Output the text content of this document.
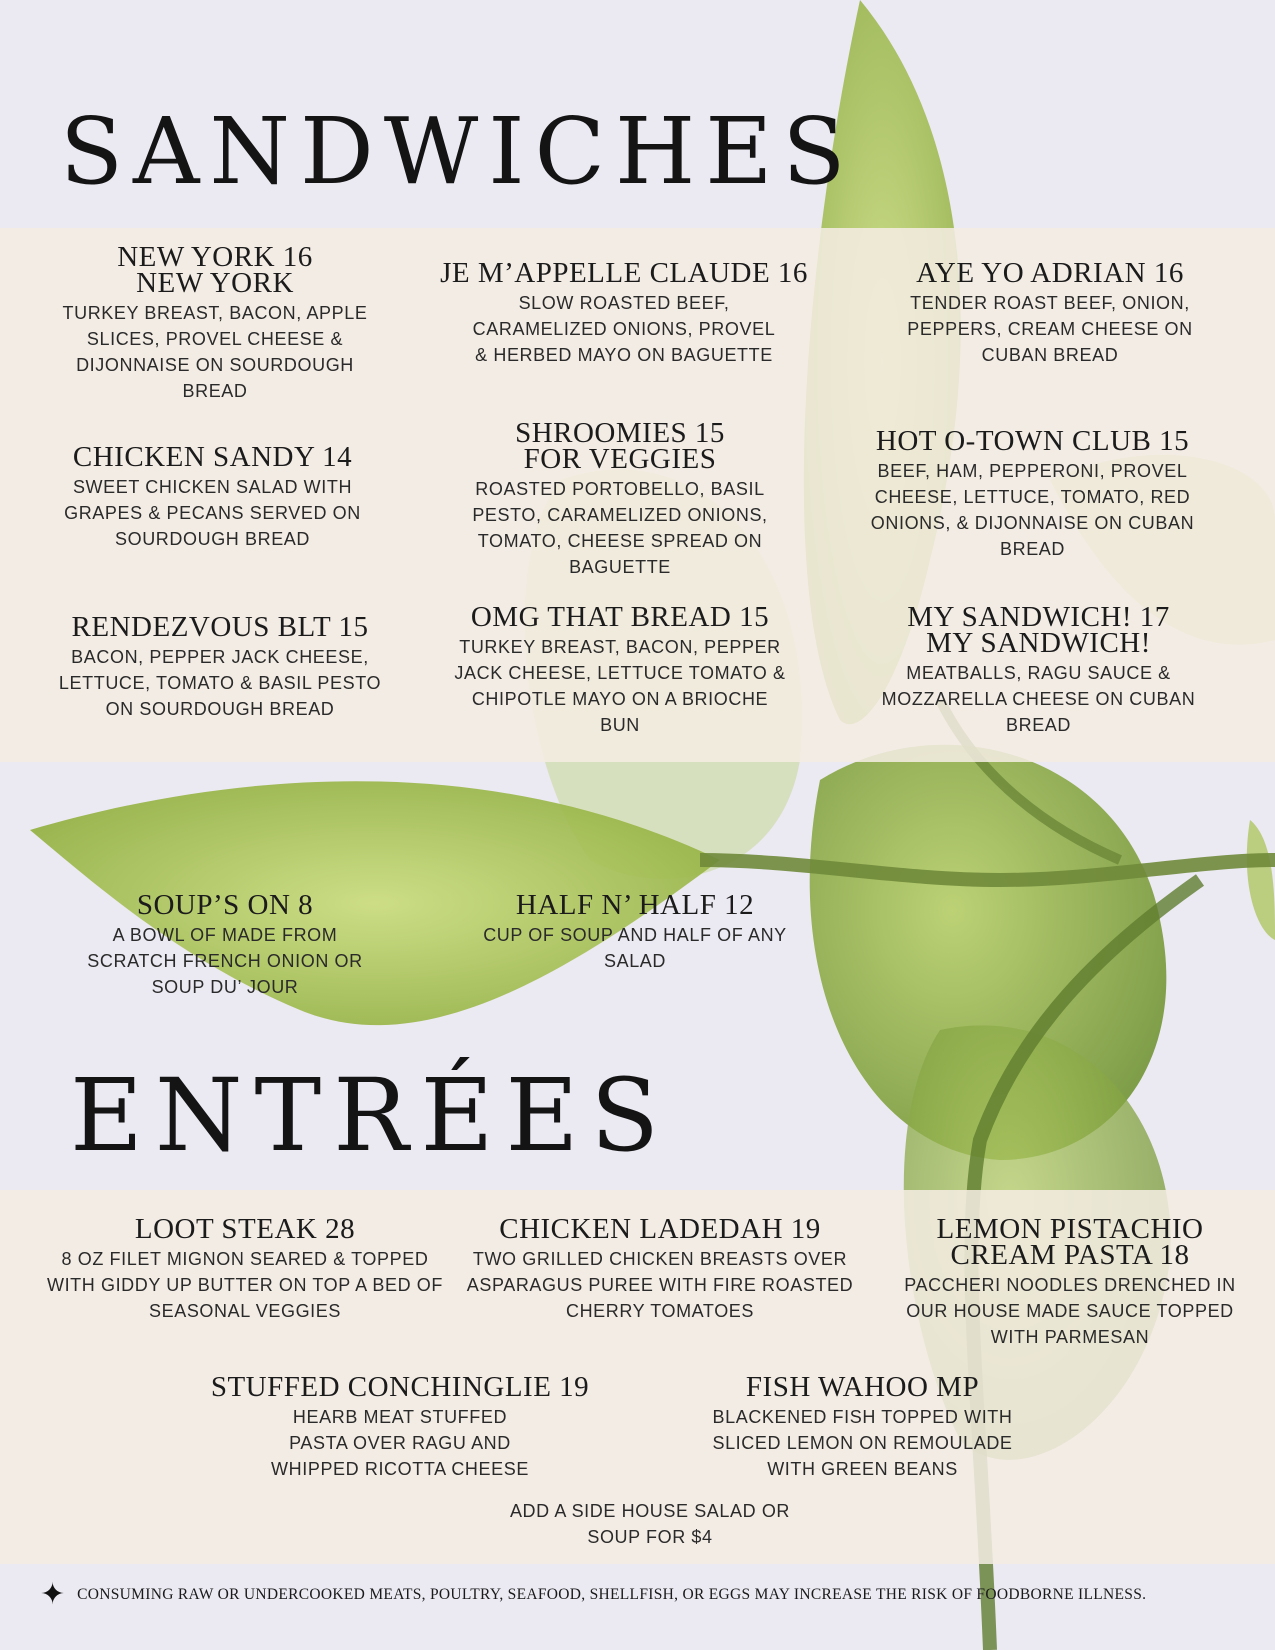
SANDWICHES
NEW YORK 16
NEW YORK

TURKEY BREAST, BACON, APPLE SLICES, PROVEL CHEESE & DIJONNAISE ON SOURDOUGH BREAD

JE M’APPELLE CLAUDE 16

SLOW ROASTED BEEF, CARAMELIZED ONIONS, PROVEL & HERBED MAYO ON BAGUETTE

AYE YO ADRIAN 16

TENDER ROAST BEEF, ONION, PEPPERS, CREAM CHEESE ON CUBAN BREAD

CHICKEN SANDY 14

SWEET CHICKEN SALAD WITH GRAPES & PECANS SERVED ON SOURDOUGH BREAD

SHROOMIES 15
FOR VEGGIES

ROASTED PORTOBELLO, BASIL PESTO, CARAMELIZED ONIONS, TOMATO, CHEESE SPREAD ON BAGUETTE

HOT O-TOWN CLUB 15

BEEF, HAM, PEPPERONI, PROVEL CHEESE, LETTUCE, TOMATO, RED ONIONS, & DIJONNAISE ON CUBAN BREAD

RENDEZVOUS BLT 15

BACON, PEPPER JACK CHEESE, LETTUCE, TOMATO & BASIL PESTO ON SOURDOUGH BREAD

OMG THAT BREAD 15

TURKEY BREAST, BACON, PEPPER JACK CHEESE, LETTUCE TOMATO & CHIPOTLE MAYO ON A BRIOCHE BUN

MY SANDWICH! 17
MY SANDWICH!

MEATBALLS, RAGU SAUCE & MOZZARELLA CHEESE ON CUBAN BREAD

SOUP’S ON 8

A BOWL OF MADE FROM SCRATCH FRENCH ONION OR SOUP DU’ JOUR

HALF N’ HALF 12

CUP OF SOUP AND HALF OF ANY SALAD

ENTRÉES
LOOT STEAK 28

8 OZ FILET MIGNON SEARED & TOPPED WITH GIDDY UP BUTTER ON TOP A BED OF SEASONAL VEGGIES

CHICKEN LADEDAH 19

TWO GRILLED CHICKEN BREASTS OVER ASPARAGUS PUREE WITH FIRE ROASTED CHERRY TOMATOES

LEMON PISTACHIO
CREAM PASTA 18

PACCHERI NOODLES DRENCHED IN OUR HOUSE MADE SAUCE TOPPED WITH PARMESAN

STUFFED CONCHINGLIE 19

HEARB MEAT STUFFED PASTA OVER RAGU AND WHIPPED RICOTTA CHEESE

FISH WAHOO MP

BLACKENED FISH TOPPED WITH SLICED LEMON ON REMOULADE WITH GREEN BEANS

ADD A SIDE HOUSE SALAD OR SOUP FOR $4

✦ CONSUMING RAW OR UNDERCOOKED MEATS, POULTRY, SEAFOOD, SHELLFISH, OR EGGS MAY INCREASE THE RISK OF FOODBORNE ILLNESS.
